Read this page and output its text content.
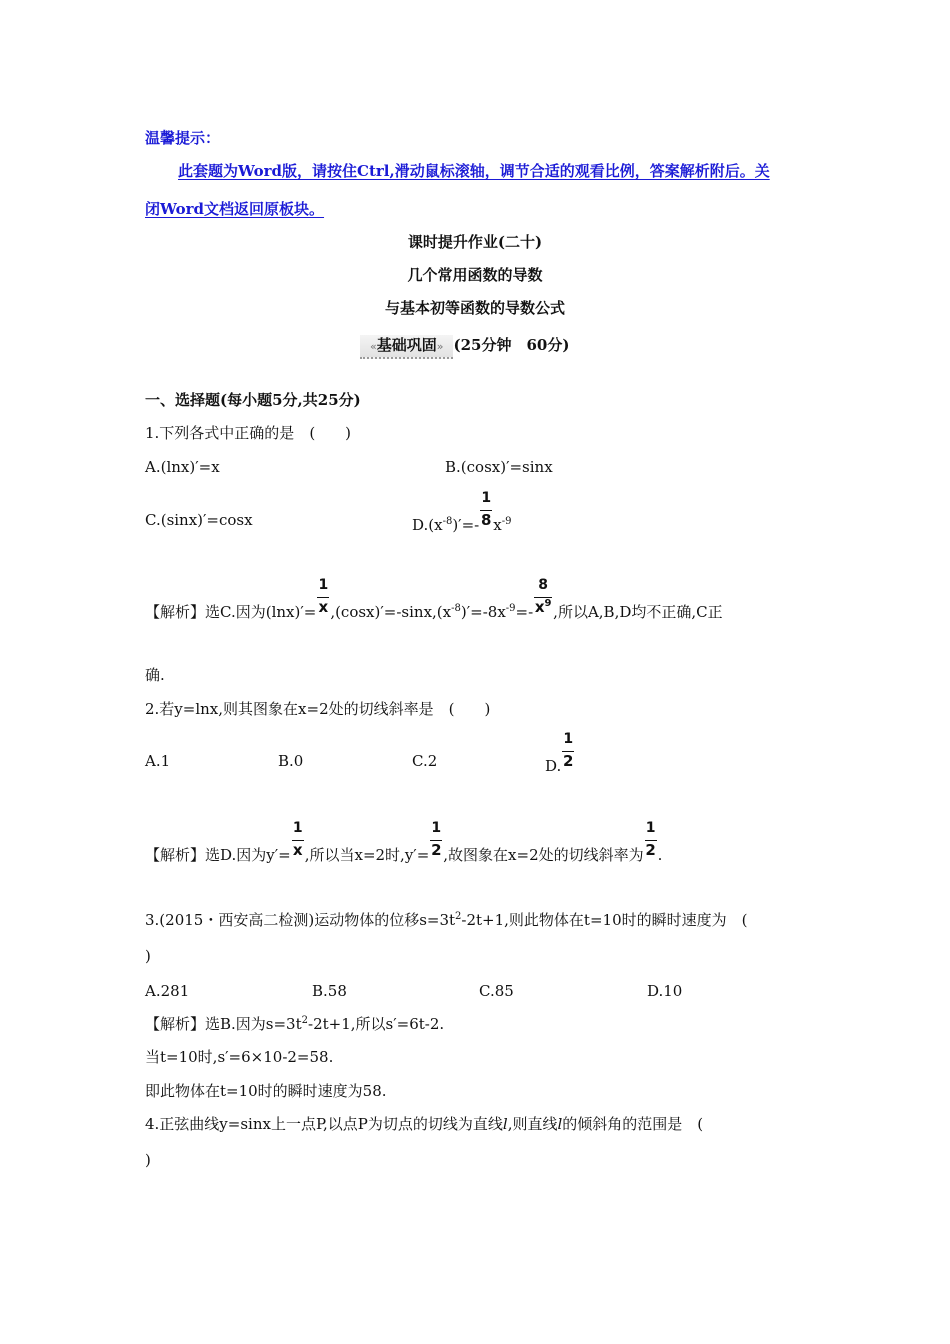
温馨提示：
此套题为Word版，请按住Ctrl,滑动鼠标滚轴，调节合适的观看比例，答案解析附后。关
闭Word文档返回原板块。
课时提升作业(二十)
几个常用函数的导数
与基本初等函数的导数公式
«基础巩固» (25分钟　60分)
一、选择题(每小题5分,共25分)
1.下列各式中正确的是　(　　)
A.(lnx)′=x	B.(cosx)′=sinx
C.(sinx)′=cosx	$D.(x^{-8})'=- \frac{1}{8} x^{-9}$
【解析】选C.因为$(\ln x)'= \frac{1}{x} ,(\cos x)'=-\sin x,(x^{-8})'=-8x^{-9}=- \frac{8}{x^9}$ ,所以A,B,D均不正确,C正
确.
2.若y=lnx,则其图象在x=2处的切线斜率是　(　　)
A.1	B.0	C.2	D. $\frac{1}{2}$
【解析】选D.因为$y'= \frac{1}{x}$ ,所以当x=2时$,y'= \frac{1}{2}$ ,故图象在x=2处的切线斜率为 $\frac{1}{2}$ .
3.(2015・西安高二检测)运动物体的位移$s=3t^2-2t+1$,则此物体在t=10时的瞬时速度为　(
)
A.281	B.58	C.85	D.10
【解析】选B.因为$s=3t^2-2t+1$,所以s′=6t-2.
当t=10时,s′=6×10-2=58.
即此物体在t=10时的瞬时速度为58.
4.正弦曲线y=sinx上一点P,以点P为切点的切线为直线l,则直线l的倾斜角的范围是　(
)
